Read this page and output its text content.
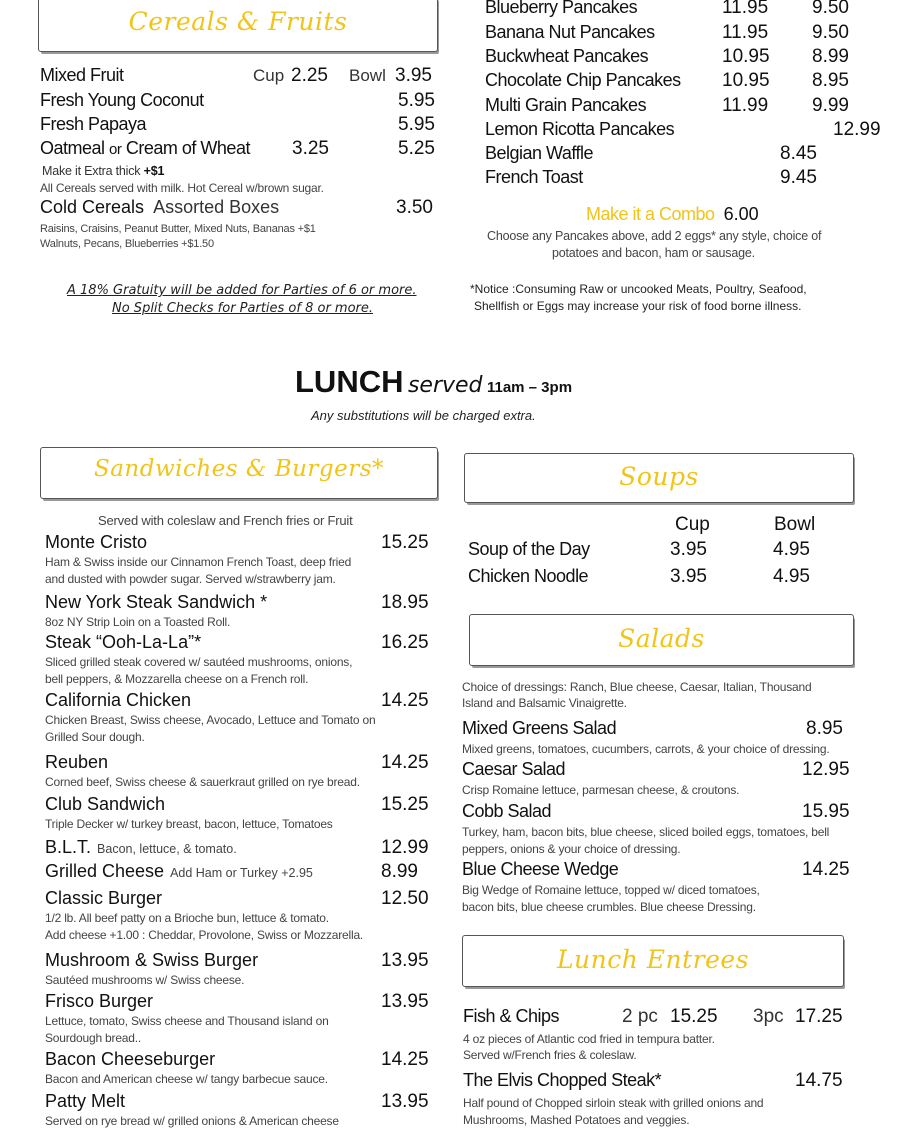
Cereals & Fruits
Mixed Fruit	Cup 2.25 Bowl 3.95
Fresh Young Coconut	5.95
Fresh Papaya	5.95
Oatmeal or Cream of Wheat 3.25	5.25
Make it Extra thick +$1
All Cereals served with milk. Hot Cereal w/brown sugar.
Cold Cereals Assorted Boxes	3.50
Raisins, Craisins, Peanut Butter, Mixed Nuts, Bananas +$1
Walnuts, Pecans, Blueberries +$1.50
A 18% Gratuity will be added for Parties of 6 or more.
No Split Checks for Parties of 8 or more.
Blueberry Pancakes	11.95 9.50
Banana Nut Pancakes	11.95 9.50
Buckwheat Pancakes	10.95 8.99
Chocolate Chip Pancakes 10.95 8.95
Multi Grain Pancakes	11.99 9.99
Lemon Ricotta Pancakes	12.99
Belgian Waffle	8.45
French Toast	9.45
Make it a Combo 6.00
Choose any Pancakes above, add 2 eggs* any style, choice of
potatoes and bacon, ham or sausage.
*Notice :Consuming Raw or uncooked Meats, Poultry, Seafood,
Shellfish or Eggs may increase your risk of food borne illness.
LUNCH served 11am – 3pm
Any substitutions will be charged extra.
Sandwiches & Burgers*
Served with coleslaw and French fries or Fruit
Monte Cristo	15.25
Ham & Swiss inside our Cinnamon French Toast, deep fried
and dusted with powder sugar. Served w/strawberry jam.
New York Steak Sandwich *	18.95
8oz NY Strip Loin on a Toasted Roll.
Steak “Ooh-La-La”*	16.25
Sliced grilled steak covered w/ sautéed mushrooms, onions,
bell peppers, & Mozzarella cheese on a French roll.
California Chicken	14.25
Chicken Breast, Swiss cheese, Avocado, Lettuce and Tomato on
Grilled Sour dough.
Reuben	14.25
Corned beef, Swiss cheese & sauerkraut grilled on rye bread.
Club Sandwich	15.25
Triple Decker w/ turkey breast, bacon, lettuce, Tomatoes
B.L.T. Bacon, lettuce, & tomato.	12.99
Grilled Cheese Add Ham or Turkey +2.95	8.99
Classic Burger	12.50
1/2 lb. All beef patty on a Brioche bun, lettuce & tomato.
Add cheese +1.00 : Cheddar, Provolone, Swiss or Mozzarella.
Mushroom & Swiss Burger	13.95
Sautéed mushrooms w/ Swiss cheese.
Frisco Burger	13.95
Lettuce, tomato, Swiss cheese and Thousand island on
Sourdough bread..
Bacon Cheeseburger	14.25
Bacon and American cheese w/ tangy barbecue sauce.
Patty Melt	13.95
Served on rye bread w/ grilled onions & American cheese
Soups
Cup	Bowl
Soup of the Day	3.95	4.95
Chicken Noodle	3.95	4.95
Salads
Choice of dressings: Ranch, Blue cheese, Caesar, Italian, Thousand
Island and Balsamic Vinaigrette.
Mixed Greens Salad	8.95
Mixed greens, tomatoes, cucumbers, carrots, & your choice of dressing.
Caesar Salad	12.95
Crisp Romaine lettuce, parmesan cheese, & croutons.
Cobb Salad	15.95
Turkey, ham, bacon bits, blue cheese, sliced boiled eggs, tomatoes, bell
peppers, onions & your choice of dressing.
Blue Cheese Wedge	14.25
Big Wedge of Romaine lettuce, topped w/ diced tomatoes,
bacon bits, blue cheese crumbles. Blue cheese Dressing.
Lunch Entrees
Fish & Chips	2 pc 15.25 3pc 17.25
4 oz pieces of Atlantic cod fried in tempura batter.
Served w/French fries & coleslaw.
The Elvis Chopped Steak*	14.75
Half pound of Chopped sirloin steak with grilled onions and
Mushrooms, Mashed Potatoes and veggies.
